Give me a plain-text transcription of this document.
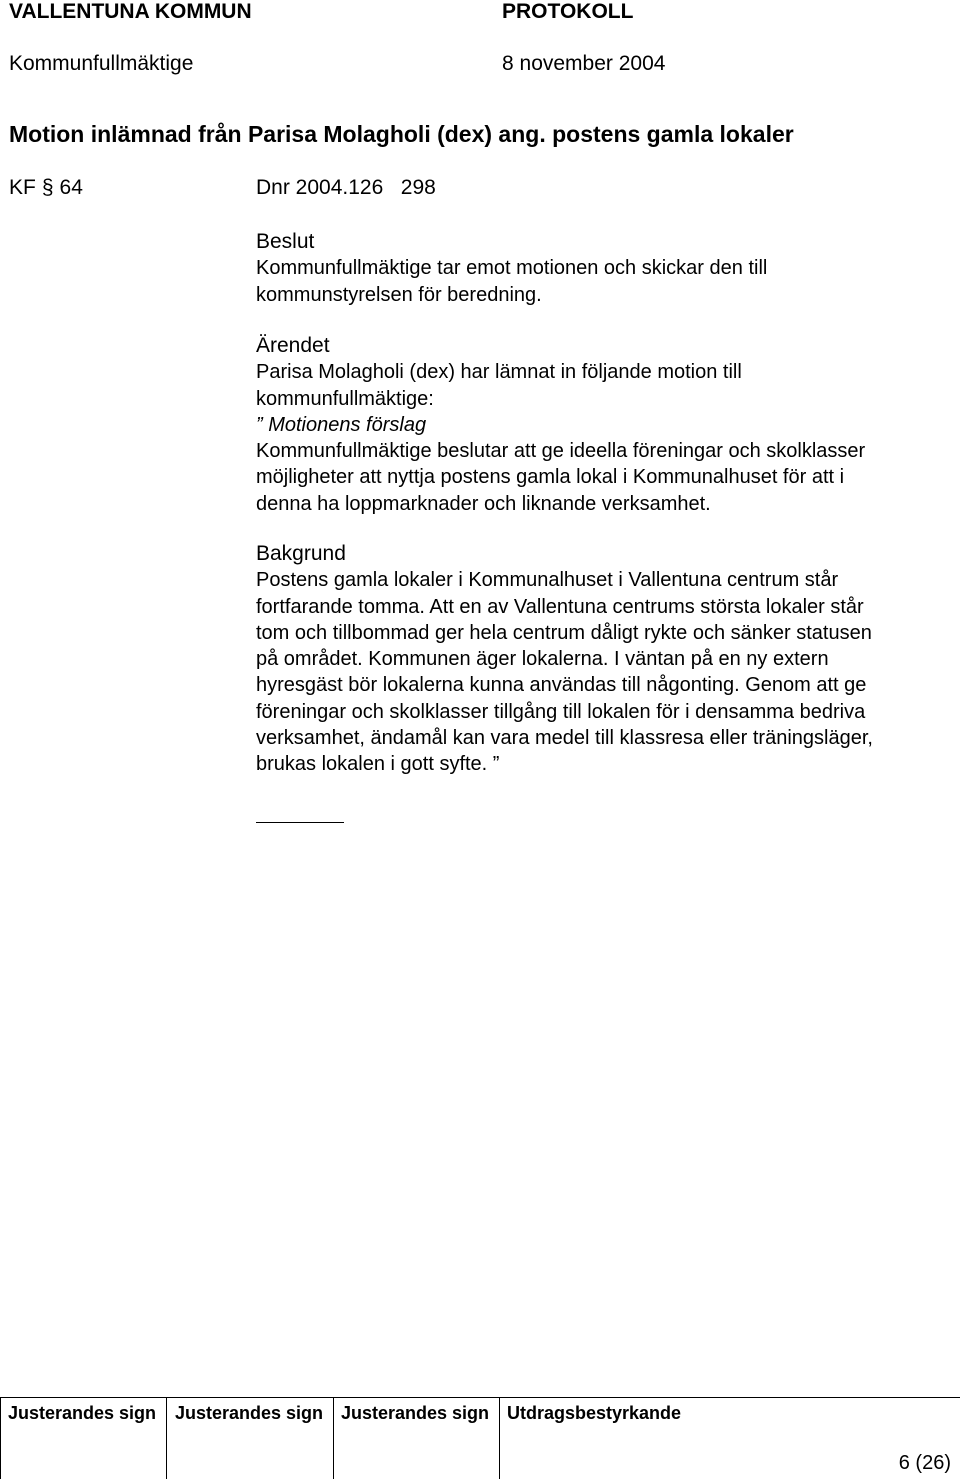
VALLENTUNA KOMMUN	PROTOKOLL
Kommunfullmäktige	8 november 2004
Motion inlämnad från Parisa Molagholi (dex) ang. postens gamla lokaler
KF § 64	Dnr 2004.126   298

Beslut

Kommunfullmäktige tar emot motionen och skickar den till

kommunstyrelsen för beredning.

Ärendet

Parisa Molagholi (dex) har lämnat in följande motion till

kommunfullmäktige:

” Motionens förslag

Kommunfullmäktige beslutar att ge ideella föreningar och skolklasser

möjligheter att nyttja postens gamla lokal i Kommunalhuset för att i

denna ha loppmarknader och liknande verksamhet.

Bakgrund

Postens gamla lokaler i Kommunalhuset i Vallentuna centrum står

fortfarande tomma. Att en av Vallentuna centrums största lokaler står

tom och tillbommad ger hela centrum dåligt rykte och sänker statusen

på området. Kommunen äger lokalerna. I väntan på en ny extern

hyresgäst bör lokalerna kunna användas till någonting. Genom att ge

föreningar och skolklasser tillgång till lokalen för i densamma bedriva

verksamhet, ändamål kan vara medel till klassresa eller träningsläger,

brukas lokalen i gott syfte. ”

Justerandes sign Justerandes sign Justerandes sign Utdragsbestyrkande
6 (26)
